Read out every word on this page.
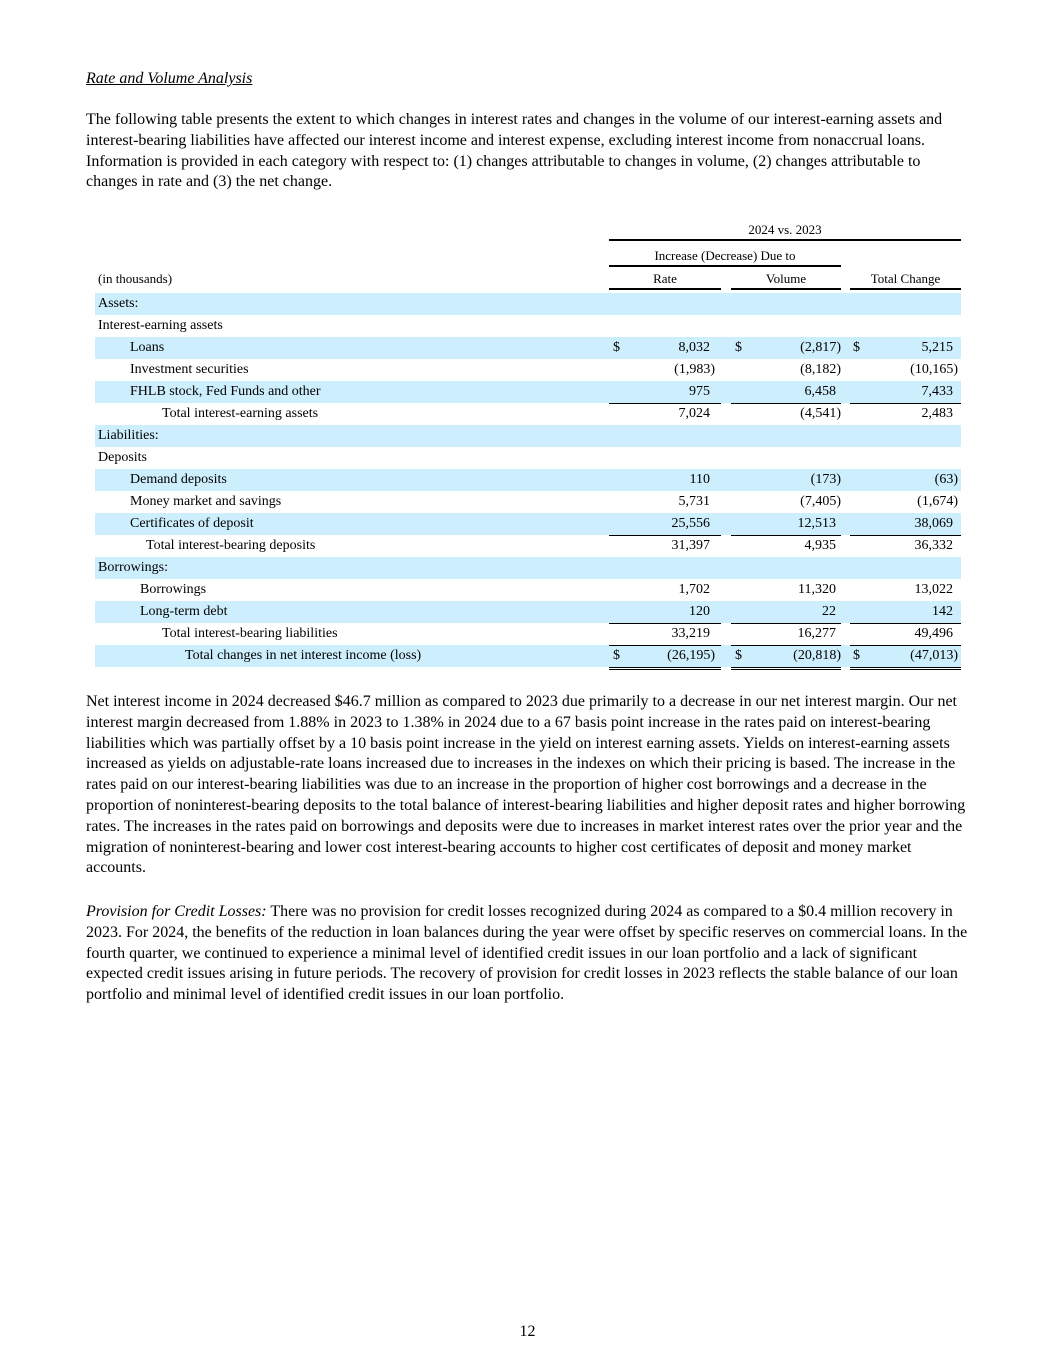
Rate and Volume Analysis
The following table presents the extent to which changes in interest rates and changes in the volume of our interest-earning assets and interest-bearing liabilities have affected our interest income and interest expense, excluding interest income from nonaccrual loans. Information is provided in each category with respect to: (1) changes attributable to changes in volume, (2) changes attributable to changes in rate and (3) the net change.
2024 vs. 2023
Increase (Decrease) Due to
(in thousands)	Rate	Volume	Total Change
Assets:
Interest-earning assets
Loans	$	8,032	$	(2,817) $	5,215
Investment securities	(1,983)	(8,182)	(10,165)
FHLB stock, Fed Funds and other	975	6,458	7,433
Total interest-earning assets	7,024	(4,541)	2,483
Liabilities:
Deposits
Demand deposits	110	(173)	(63)
Money market and savings	5,731	(7,405)	(1,674)
Certificates of deposit	25,556	12,513	38,069
Total interest-bearing deposits	31,397	4,935	36,332
Borrowings:
Borrowings	1,702	11,320	13,022
Long-term debt	120	22	142
Total interest-bearing liabilities	33,219	16,277	49,496
Total changes in net interest income (loss)	$	(26,195) $	(20,818) $	(47,013)
Net interest income in 2024 decreased $46.7 million as compared to 2023 due primarily to a decrease in our net interest margin. Our net interest margin decreased from 1.88% in 2023 to 1.38% in 2024 due to a 67 basis point increase in the rates paid on interest-bearing liabilities which was partially offset by a 10 basis point increase in the yield on interest earning assets. Yields on interest-earning assets increased as yields on adjustable-rate loans increased due to increases in the indexes on which their pricing is based. The increase in the rates paid on our interest-bearing liabilities was due to an increase in the proportion of higher cost borrowings and a decrease in the proportion of noninterest-bearing deposits to the total balance of interest-bearing liabilities and higher deposit rates and higher borrowing rates. The increases in the rates paid on borrowings and deposits were due to increases in market interest rates over the prior year and the migration of noninterest-bearing and lower cost interest-bearing accounts to higher cost certificates of deposit and money market accounts.
Provision for Credit Losses: There was no provision for credit losses recognized during 2024 as compared to a $0.4 million recovery in 2023. For 2024, the benefits of the reduction in loan balances during the year were offset by specific reserves on commercial loans. In the fourth quarter, we continued to experience a minimal level of identified credit issues in our loan portfolio and a lack of significant expected credit issues arising in future periods. The recovery of provision for credit losses in 2023 reflects the stable balance of our loan portfolio and minimal level of identified credit issues in our loan portfolio.
12
